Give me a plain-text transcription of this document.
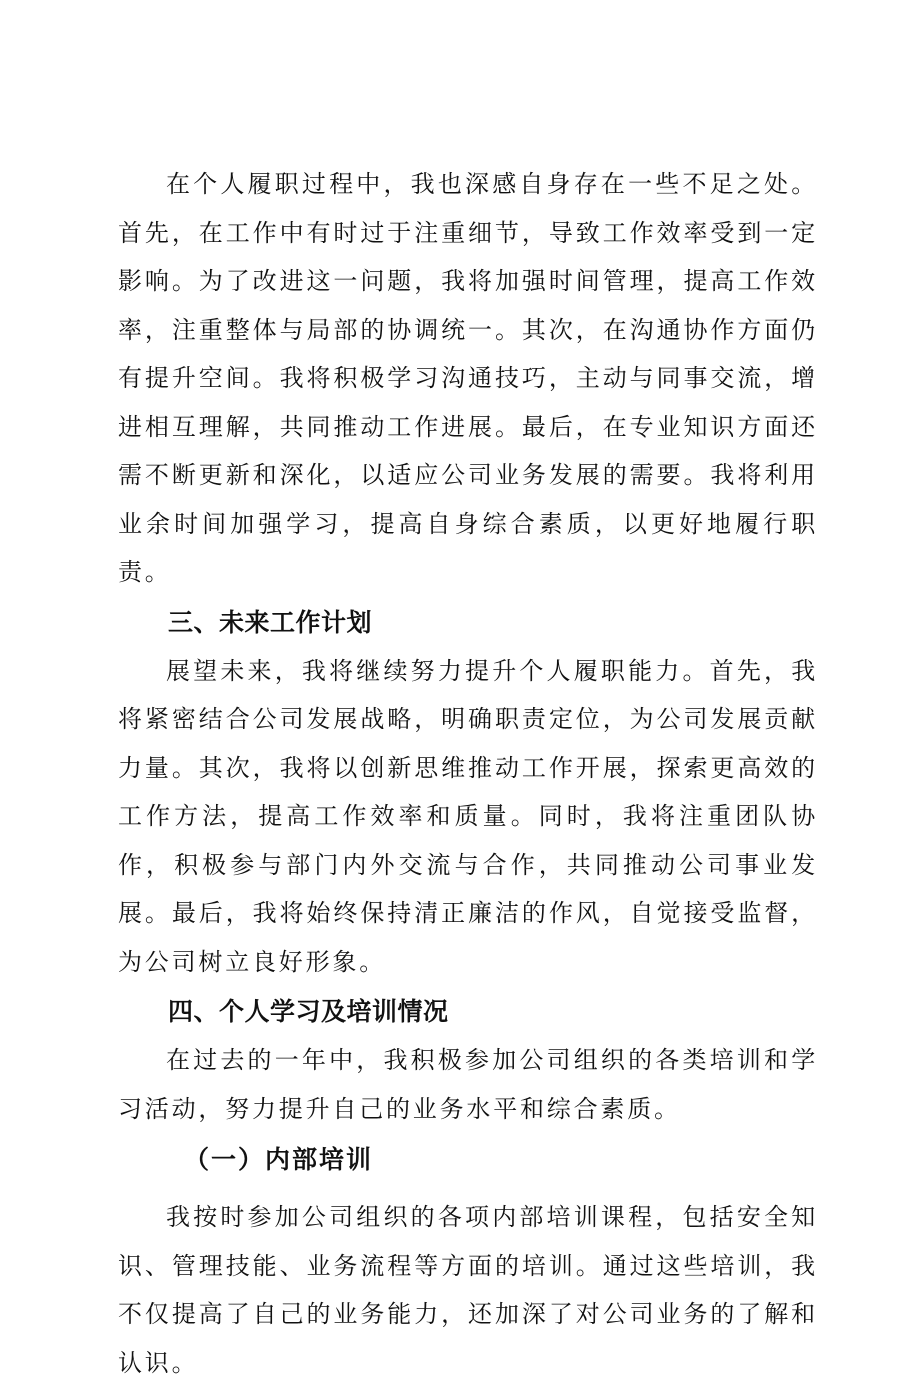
在个人履职过程中，我也深感自身存在一些不足之处。首先，在工作中有时过于注重细节，导致工作效率受到一定影响。为了改进这一问题，我将加强时间管理，提高工作效率，注重整体与局部的协调统一。其次，在沟通协作方面仍有提升空间。我将积极学习沟通技巧，主动与同事交流，增进相互理解，共同推动工作进展。最后，在专业知识方面还需不断更新和深化，以适应公司业务发展的需要。我将利用业余时间加强学习，提高自身综合素质，以更好地履行职责。

三、未来工作计划

展望未来，我将继续努力提升个人履职能力。首先，我将紧密结合公司发展战略，明确职责定位，为公司发展贡献力量。其次，我将以创新思维推动工作开展，探索更高效的工作方法，提高工作效率和质量。同时，我将注重团队协作，积极参与部门内外交流与合作，共同推动公司事业发展。最后，我将始终保持清正廉洁的作风，自觉接受监督，为公司树立良好形象。

四、个人学习及培训情况

在过去的一年中，我积极参加公司组织的各类培训和学习活动，努力提升自己的业务水平和综合素质。

（一）内部培训

我按时参加公司组织的各项内部培训课程，包括安全知识、管理技能、业务流程等方面的培训。通过这些培训，我不仅提高了自己的业务能力，还加深了对公司业务的了解和认识。
